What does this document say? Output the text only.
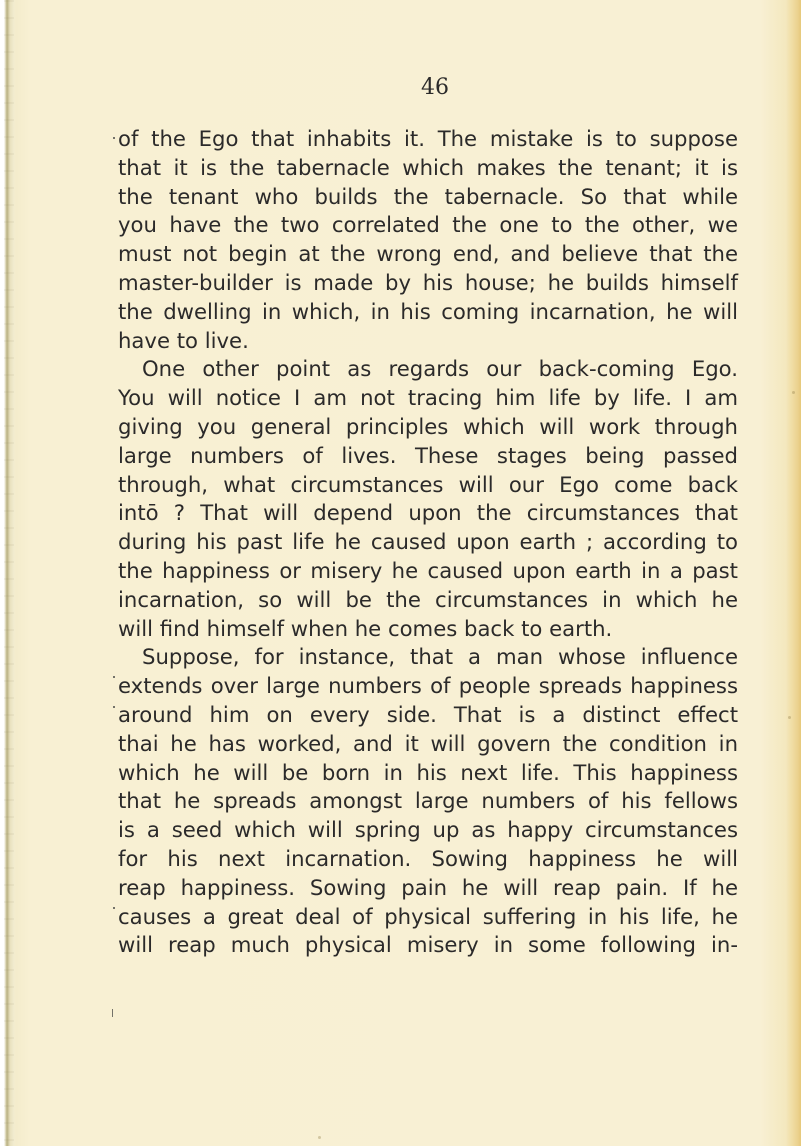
46
of the Ego that inhabits it. The mistake is to suppose
that it is the tabernacle which makes the tenant; it is
the tenant who builds the tabernacle. So that while
you have the two correlated the one to the other, we
must not begin at the wrong end, and believe that the
master-builder is made by his house; he builds himself
the dwelling in which, in his coming incarnation, he will
have to live.
One other point as regards our back-coming Ego.
You will notice I am not tracing him life by life. I am
giving you general principles which will work through
large numbers of lives. These stages being passed
through, what circumstances will our Ego come back
intō ? That will depend upon the circumstances that
during his past life he caused upon earth ; according to
the happiness or misery he caused upon earth in a past
incarnation, so will be the circumstances in which he
will find himself when he comes back to earth.
Suppose, for instance, that a man whose influence
extends over large numbers of people spreads happiness
around him on every side. That is a distinct effect
thai he has worked, and it will govern the condition in
which he will be born in his next life. This happiness
that he spreads amongst large numbers of his fellows
is a seed which will spring up as happy circumstances
for his next incarnation. Sowing happiness he will
reap happiness. Sowing pain he will reap pain. If he
causes a great deal of physical suffering in his life, he
will reap much physical misery in some following in-
